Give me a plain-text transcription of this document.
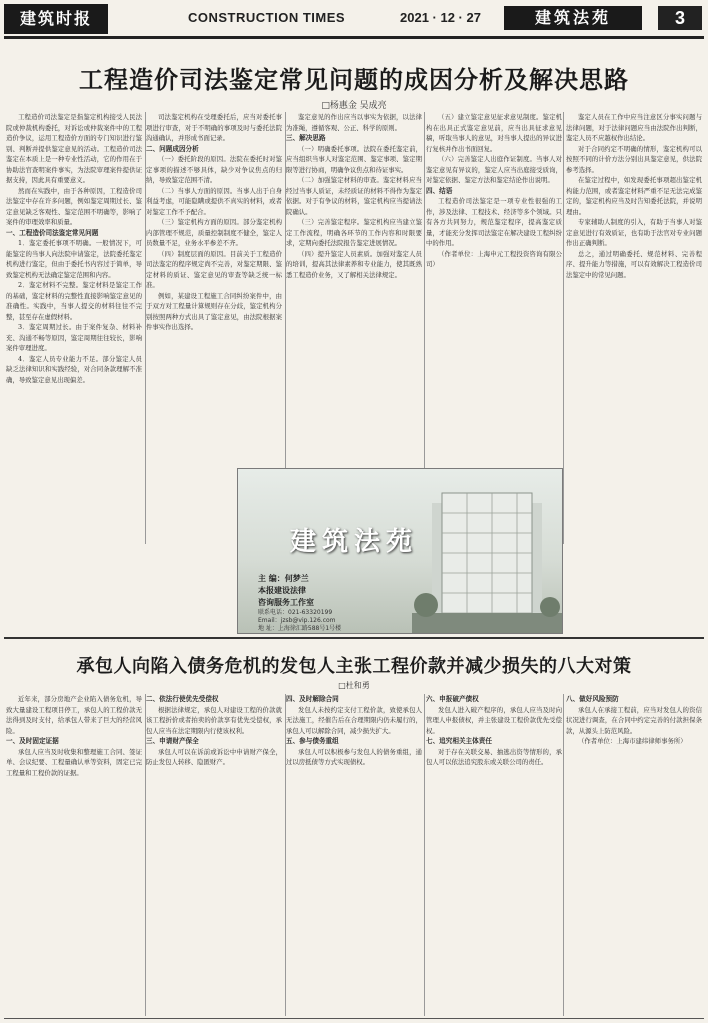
建筑时报	CONSTRUCTION TIMES	2021 · 12 · 27	建筑法苑	3
工程造价司法鉴定常见问题的成因分析及解决思路
□杨惠金 吴成亮

工程造价司法鉴定是指鉴定机构接受人民法院或仲裁机构委托，对诉讼或仲裁案件中的工程造价争议，运用工程造价方面的专门知识进行鉴别、判断并提供鉴定意见的活动。工程造价司法鉴定在本质上是一种专业性活动，它的作用在于协助法官查明案件事实，为法院审理案件提供证据支持，因此具有重要意义。

然而在实践中，由于各种原因，工程造价司法鉴定中存在许多问题，例如鉴定周期过长、鉴定意见缺乏客观性、鉴定范围不明确等，影响了案件的审理效率和质量。

一、工程造价司法鉴定常见问题

1．鉴定委托事项不明确。一般情况下，可能鉴定的当事人向法院申请鉴定，法院委托鉴定机构进行鉴定，但由于委托书内容过于简单，导致鉴定机构无法确定鉴定范围和内容。

2．鉴定材料不完整。鉴定材料是鉴定工作的基础，鉴定材料的完整性直接影响鉴定意见的准确性。实践中，当事人提交的材料往往不完整，甚至存在虚假材料。

3．鉴定周期过长。由于案件复杂、材料补充、沟通不畅等原因，鉴定周期往往较长，影响案件审理进度。

4．鉴定人员专业能力不足。部分鉴定人员缺乏法律知识和实践经验，对合同条款理解不准确，导致鉴定意见出现偏差。

司法鉴定机构在受理委托后，应当对委托事项进行审查，对于不明确的事项及时与委托法院沟通确认，并形成书面记录。

二、问题成因分析

（一）委托阶段的原因。法院在委托时对鉴定事项的描述不够具体，缺少对争议焦点的归纳，导致鉴定范围不清。

（二）当事人方面的原因。当事人出于自身利益考虑，可能隐瞒或提供不真实的材料，或者对鉴定工作不予配合。

（三）鉴定机构方面的原因。部分鉴定机构内部管理不规范，质量控制制度不健全，鉴定人员数量不足，业务水平参差不齐。

（四）制度层面的原因。目前关于工程造价司法鉴定的程序规定尚不完善，对鉴定期限、鉴定材料的质证、鉴定意见的审查等缺乏统一标准。

例如，某建设工程施工合同纠纷案件中，由于双方对工程量计算规则存在分歧，鉴定机构分别按照两种方式出具了鉴定意见，由法院根据案件事实作出选择。

鉴定意见的作出应当以事实为依据，以法律为准绳，遵循客观、公正、科学的原则。

三、解决思路

（一）明确委托事项。法院在委托鉴定前，应当组织当事人对鉴定范围、鉴定事项、鉴定期限等进行协商，明确争议焦点和待证事实。

（二）加强鉴定材料的审查。鉴定材料应当经过当事人质证，未经质证的材料不得作为鉴定依据。对于有争议的材料，鉴定机构应当提请法院确认。

（三）完善鉴定程序。鉴定机构应当建立鉴定工作流程，明确各环节的工作内容和时限要求，定期向委托法院报告鉴定进展情况。

（四）提升鉴定人员素质。加强对鉴定人员的培训，提高其法律素养和专业能力，使其既熟悉工程造价业务，又了解相关法律规定。

（五）建立鉴定意见征求意见制度。鉴定机构在出具正式鉴定意见前，应当出具征求意见稿，听取当事人的意见，对当事人提出的异议进行复核并作出书面回复。

（六）完善鉴定人出庭作证制度。当事人对鉴定意见有异议的，鉴定人应当出庭接受质询，对鉴定依据、鉴定方法和鉴定结论作出说明。

四、结语

工程造价司法鉴定是一项专业性很强的工作，涉及法律、工程技术、经济等多个领域。只有各方共同努力，规范鉴定程序，提高鉴定质量，才能充分发挥司法鉴定在解决建设工程纠纷中的作用。

（作者单位：上海申元工程投资咨询有限公司）

鉴定人员在工作中应当注意区分事实问题与法律问题，对于法律问题应当由法院作出判断，鉴定人员不应越权作出结论。

对于合同约定不明确的情形，鉴定机构可以按照不同的计价方法分别出具鉴定意见，供法院参考选择。

在鉴定过程中，如发现委托事项超出鉴定机构能力范围，或者鉴定材料严重不足无法完成鉴定的，鉴定机构应当及时告知委托法院，并说明理由。

专家辅助人制度的引入，有助于当事人对鉴定意见进行有效质证，也有助于法官对专业问题作出正确判断。

总之，通过明确委托、规范材料、完善程序、提升能力等措施，可以有效解决工程造价司法鉴定中的常见问题。

建筑法苑
主 编：何梦兰
本报建设法律
咨询服务工作室
联系电话：021-63320199
Email：jzsb@vip.126.com
地 址：上海徐汇路588号1号楼
承包人向陷入债务危机的发包人主张工程价款并减少损失的八大对策
□杜和勇

近年来，部分房地产企业陷入债务危机，导致大量建设工程项目停工，承包人的工程价款无法得到及时支付，给承包人带来了巨大的经营风险。

一、及时固定证据

承包人应当及时收集和整理施工合同、签证单、会议纪要、工程量确认单等资料，固定已完工程量和工程价款的证据。

二、依法行使优先受偿权

根据法律规定，承包人对建设工程的价款就该工程折价或者拍卖的价款享有优先受偿权，承包人应当在法定期限内行使该权利。

三、申请财产保全

承包人可以在诉前或诉讼中申请财产保全，防止发包人转移、隐匿财产。

四、及时解除合同

发包人未按约定支付工程价款，致使承包人无法施工，经催告后在合理期限内仍未履行的，承包人可以解除合同，减少损失扩大。

五、参与债务重组

承包人可以积极参与发包人的债务重组，通过以房抵债等方式实现债权。

六、申报破产债权

发包人进入破产程序的，承包人应当及时向管理人申报债权，并主张建设工程价款优先受偿权。

七、追究相关主体责任

对于存在关联交易、抽逃出资等情形的，承包人可以依法追究股东或关联公司的责任。

八、做好风险预防

承包人在承接工程前，应当对发包人的资信状况进行调查，在合同中约定完善的付款担保条款，从源头上防范风险。

（作者单位：上海市建纬律师事务所）
